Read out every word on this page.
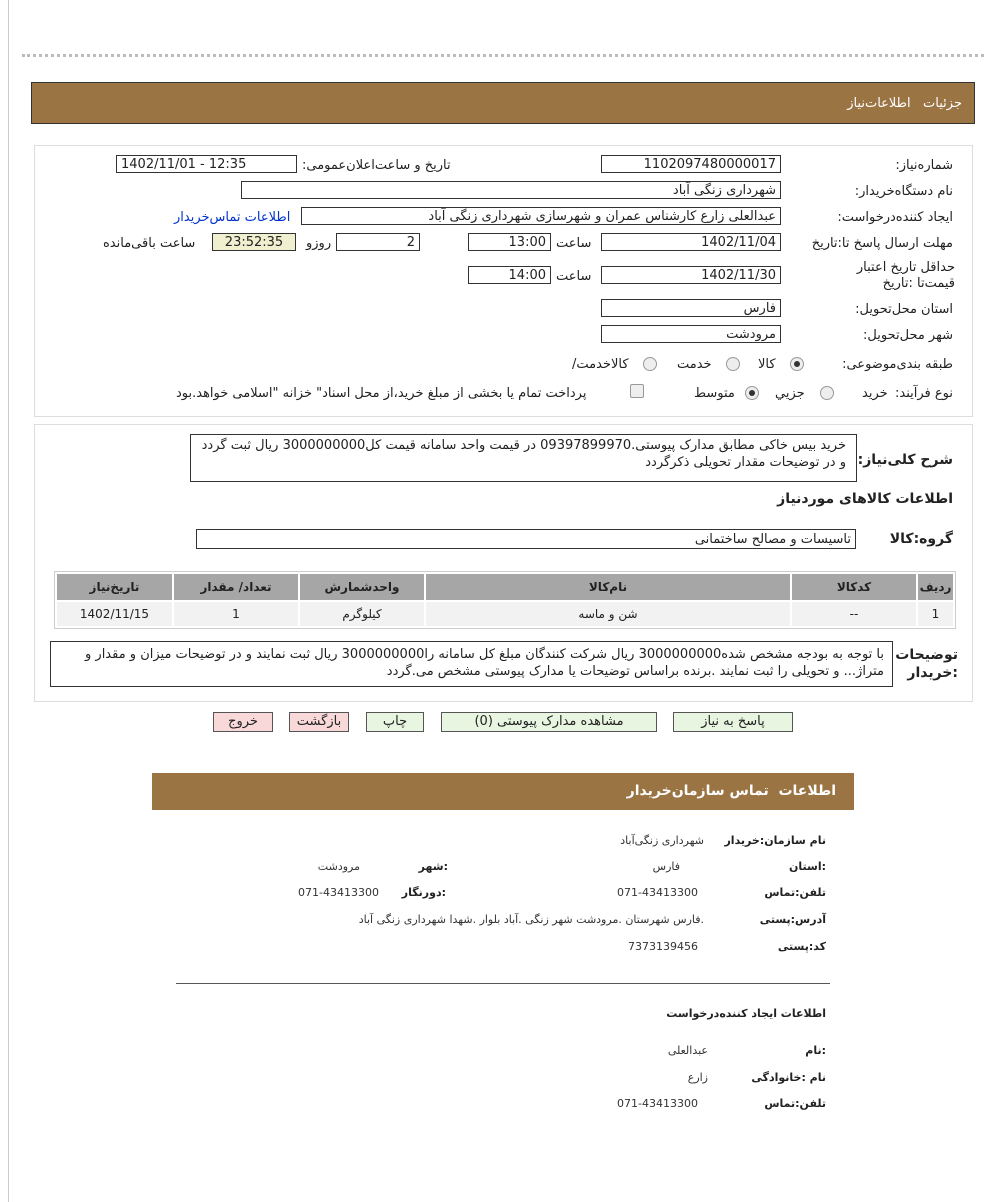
جزئیات   اطلاعات‌نیاز
شماره‌نیاز:
1102097480000017
تاریخ و ساعت‌اعلان‌عمومی:
1402/11/01 - 12:35
نام دستگاه‌خریدار:
شهرداری زنگی آباد
ایجاد کننده‌درخواست:
عبدالعلی زارع کارشناس عمران و شهرسازی شهرداری زنگی آباد
اطلاعات تماس‌خریدار
مهلت ارسال پاسخ تا:تاریخ
1402/11/04
ساعت
13:00
2
روزو
23:52:35
ساعت باقی‌مانده
حداقل تاریخ اعتبار قیمت‌تا :تاریخ
1402/11/30
ساعت
14:00
استان محل‌تحویل:
فارس
شهر محل‌تحویل:
مرودشت
طبقه بندی‌موضوعی:
کالا
خدمت
کالاخدمت/
نوع فرآیند:
خرید
جزیي
متوسط
پرداخت تمام یا بخشی از مبلغ خرید،از محل اسناد" خزانه "اسلامی خواهد.بود
شرح کلی‌نیاز:
خرید بیس خاکی مطابق مدارک پیوستی.09397899970 در قیمت واحد سامانه قیمت کل3000000000 ریال ثبت گردد و در توضیحات مقدار تحویلی ذکرگردد
اطلاعات کالاهای موردنیاز
گروه‌:کالا
تاسیسات و مصالح ساختمانی
ردیف	کدکالا	نام‌کالا	واحدشمارش	تعداد/ مقدار	تاریخ‌نیاز
1	--	شن و ماسه	کیلوگرم	1	1402/11/15
توضیحات :خریدار
با توجه به بودجه مشخص شده3000000000 ریال شرکت کنندگان مبلغ کل سامانه را3000000000 ریال ثبت نمایند و در توضیحات میزان و مقدار و متراژ... و تحویلی را ثبت نمایند .برنده براساس توضیحات یا مدارک پیوستی مشخص می.گردد
پاسخ به نیاز
مشاهده مدارک پیوستی (0)
چاپ
بازگشت
خروج
اطلاعات  تماس سازمان‌خریدار
نام سازمان:خریدار
شهرداری زنگی‌آباد
:استان
فارس
:شهر
مرودشت
تلفن‌:تماس
071-43413300
:دورنگار
071-43413300
آدرس‌:پستی
.فارس شهرستان .مرودشت شهر زنگی .آباد بلوار .شهدا شهرداری زنگی آباد
کد‌:پستی
7373139456
اطلاعات ایجاد کننده‌درخواست
:نام
عبدالعلی
نام :خانوادگی
زارع
تلفن‌:تماس
071-43413300
